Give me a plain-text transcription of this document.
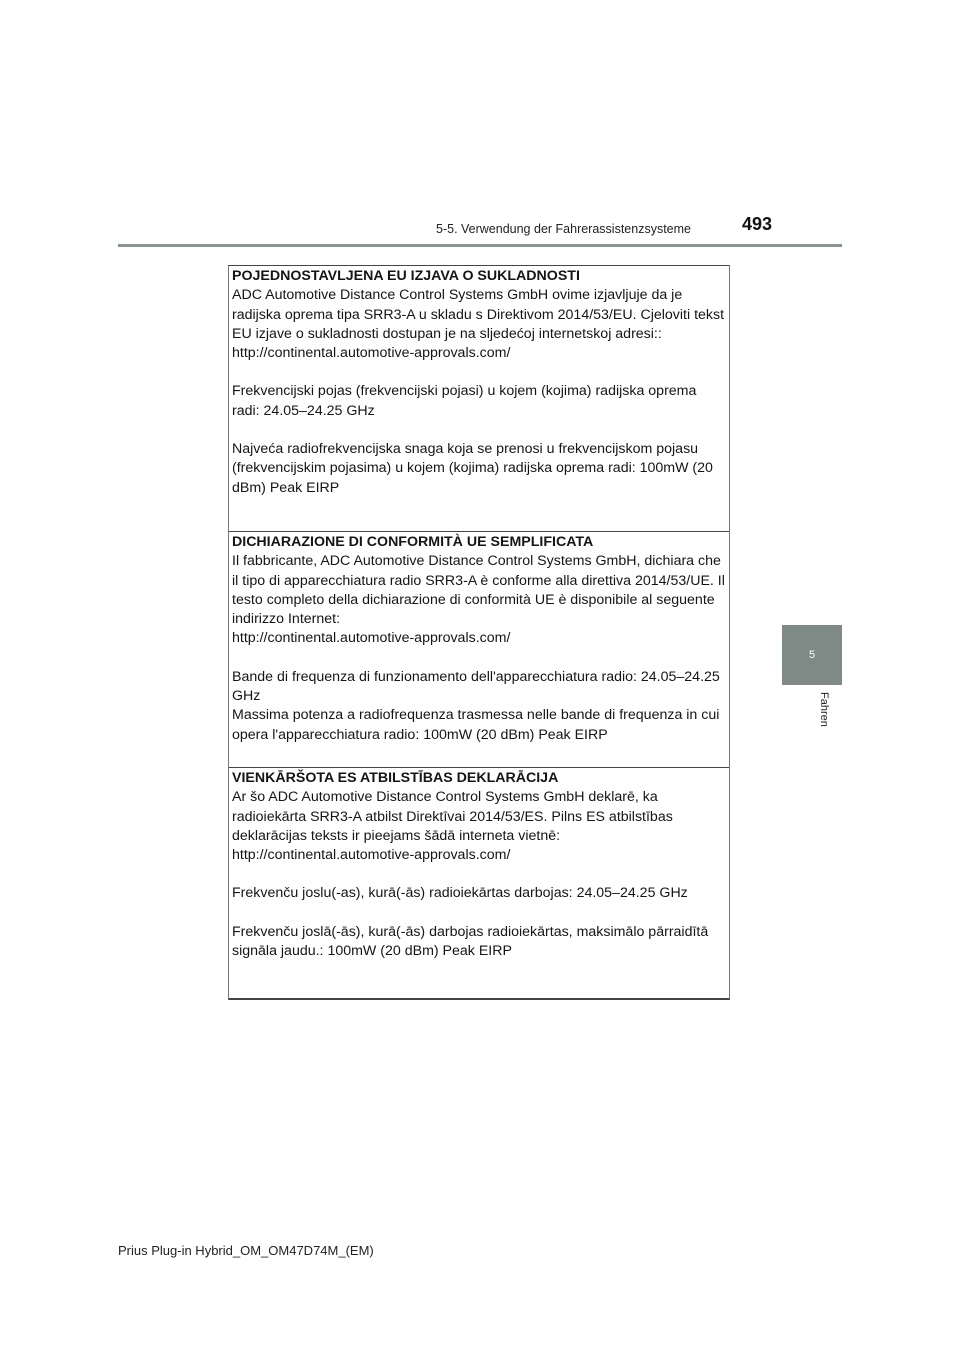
5-5. Verwendung der Fahrerassistenzsysteme	493
5
Fahren
POJEDNOSTAVLJENA EU IZJAVA O SUKLADNOSTI

ADC Automotive Distance Control Systems GmbH ovime izjavljuje da je radijska oprema tipa SRR3-A u skladu s Direktivom 2014/53/EU. Cjeloviti tekst EU izjave o sukladnosti dostupan je na sljedećoj internetskoj adresi::

http://continental.automotive-approvals.com/

Frekvencijski pojas (frekvencijski pojasi) u kojem (kojima) radijska oprema radi: 24.05–24.25 GHz

Najveća radiofrekvencijska snaga koja se prenosi u frekvencijskom pojasu (frekvencijskim pojasima) u kojem (kojima) radijska oprema radi: 100mW (20 dBm) Peak EIRP

DICHIARAZIONE DI CONFORMITÀ UE SEMPLIFICATA

Il fabbricante, ADC Automotive Distance Control Systems GmbH, dichiara che il tipo di apparecchiatura radio SRR3-A è conforme alla direttiva 2014/53/UE. Il testo completo della dichiarazione di conformità UE è disponibile al seguente indirizzo Internet:

http://continental.automotive-approvals.com/

Bande di frequenza di funzionamento dell'apparecchiatura radio: 24.05–24.25 GHz

Massima potenza a radiofrequenza trasmessa nelle bande di frequenza in cui opera l'apparecchiatura radio: 100mW (20 dBm) Peak EIRP

VIENKĀRŠOTA ES ATBILSTĪBAS DEKLARĀCIJA

Ar šo ADC Automotive Distance Control Systems GmbH deklarē, ka radioiekārta SRR3-A atbilst Direktīvai 2014/53/ES. Pilns ES atbilstības deklarācijas teksts ir pieejams šādā interneta vietnē:

http://continental.automotive-approvals.com/

Frekvenču joslu(-as), kurā(-ās) radioiekārtas darbojas: 24.05–24.25 GHz

Frekvenču joslā(-ās), kurā(-ās) darbojas radioiekārtas, maksimālo pārraidītā signāla jaudu.: 100mW (20 dBm) Peak EIRP

Prius Plug-in Hybrid_OM_OM47D74M_(EM)
